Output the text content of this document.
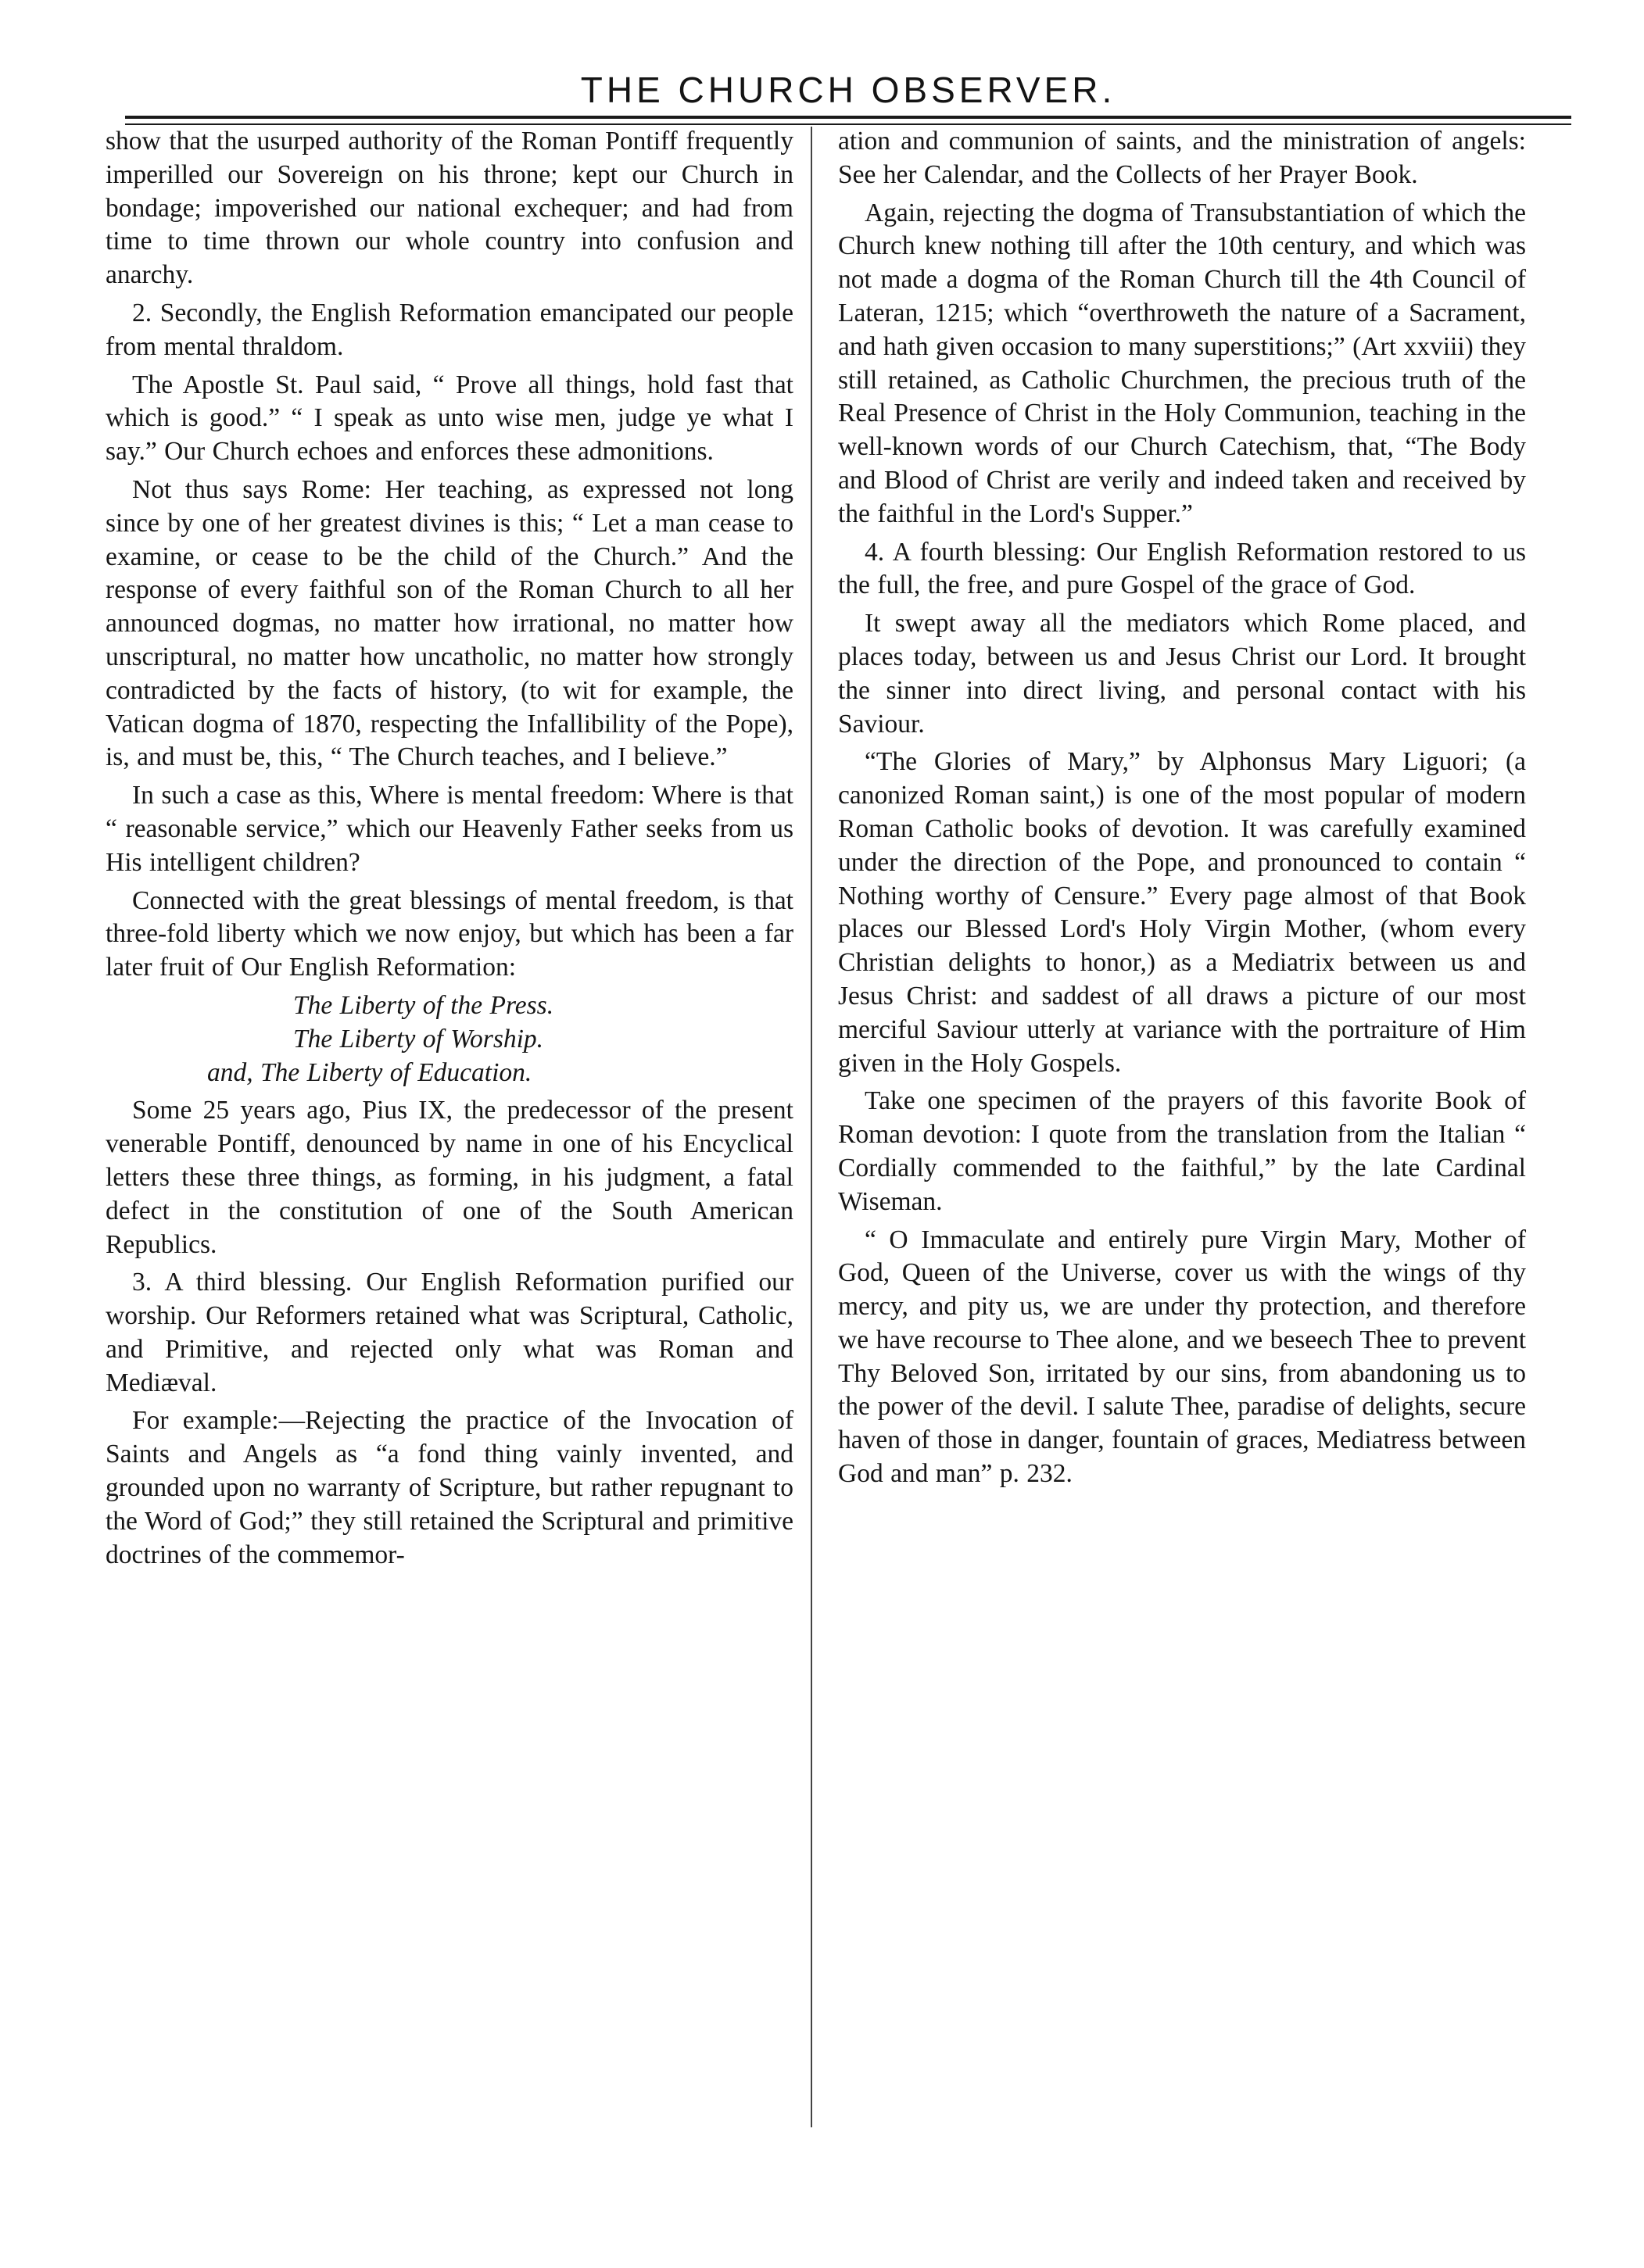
THE CHURCH OBSERVER.

show that the usurped authority of the Roman Pontiff frequently imperilled our Sovereign on his throne; kept our Church in bondage; impoverished our national exchequer; and had from time to time thrown our whole country into confusion and anarchy.

2. Secondly, the English Reformation emancipated our people from mental thraldom.

The Apostle St. Paul said, “ Prove all things, hold fast that which is good.” “ I speak as unto wise men, judge ye what I say.” Our Church echoes and enforces these admonitions.

Not thus says Rome: Her teaching, as expressed not long since by one of her greatest divines is this; “ Let a man cease to examine, or cease to be the child of the Church.” And the response of every faithful son of the Roman Church to all her announced dogmas, no matter how irrational, no matter how unscriptural, no matter how uncatholic, no matter how strongly contradicted by the facts of history, (to wit for example, the Vatican dogma of 1870, respecting the Infallibility of the Pope), is, and must be, this, “ The Church teaches, and I believe.”

In such a case as this, Where is mental freedom: Where is that “ reasonable service,” which our Heavenly Father seeks from us His intelligent children?

Connected with the great blessings of mental freedom, is that three-fold liberty which we now enjoy, but which has been a far later fruit of Our English Reformation:

The Liberty of the Press.

The Liberty of Worship.

and, The Liberty of Education.

Some 25 years ago, Pius IX, the predecessor of the present venerable Pontiff, denounced by name in one of his Encyclical letters these three things, as forming, in his judgment, a fatal defect in the constitution of one of the South American Republics.

3. A third blessing. Our English Reformation purified our worship. Our Reformers retained what was Scriptural, Catholic, and Primitive, and rejected only what was Roman and Mediæval.

For example:—Rejecting the practice of the Invocation of Saints and Angels as “a fond thing vainly invented, and grounded upon no warranty of Scripture, but rather repugnant to the Word of God;” they still retained the Scriptural and primitive doctrines of the commemor-

ation and communion of saints, and the ministration of angels: See her Calendar, and the Collects of her Prayer Book.

Again, rejecting the dogma of Transubstantiation of which the Church knew nothing till after the 10th century, and which was not made a dogma of the Roman Church till the 4th Council of Lateran, 1215; which “overthroweth the nature of a Sacrament, and hath given occasion to many superstitions;” (Art xxviii) they still retained, as Catholic Churchmen, the precious truth of the Real Presence of Christ in the Holy Communion, teaching in the well-known words of our Church Catechism, that, “The Body and Blood of Christ are verily and indeed taken and received by the faithful in the Lord's Supper.”

4. A fourth blessing: Our English Reformation restored to us the full, the free, and pure Gospel of the grace of God.

It swept away all the mediators which Rome placed, and places today, between us and Jesus Christ our Lord. It brought the sinner into direct living, and personal contact with his Saviour.

“The Glories of Mary,” by Alphonsus Mary Liguori; (a canonized Roman saint,) is one of the most popular of modern Roman Catholic books of devotion. It was carefully examined under the direction of the Pope, and pronounced to contain “ Nothing worthy of Censure.” Every page almost of that Book places our Blessed Lord's Holy Virgin Mother, (whom every Christian delights to honor,) as a Mediatrix between us and Jesus Christ: and saddest of all draws a picture of our most merciful Saviour utterly at variance with the portraiture of Him given in the Holy Gospels.

Take one specimen of the prayers of this favorite Book of Roman devotion: I quote from the translation from the Italian “ Cordially commended to the faithful,” by the late Cardinal Wiseman.

“ O Immaculate and entirely pure Virgin Mary, Mother of God, Queen of the Universe, cover us with the wings of thy mercy, and pity us, we are under thy protection, and therefore we have recourse to Thee alone, and we beseech Thee to prevent Thy Beloved Son, irritated by our sins, from abandoning us to the power of the devil. I salute Thee, paradise of delights, secure haven of those in danger, fountain of graces, Mediatress between God and man” p. 232.
